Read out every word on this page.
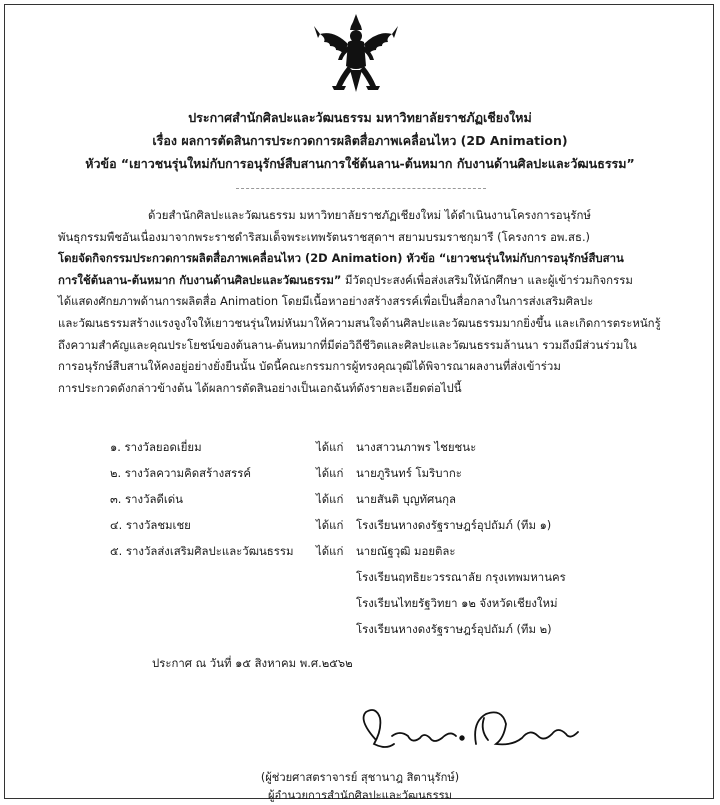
ประกาศสำนักศิลปะและวัฒนธรรม มหาวิทยาลัยราชภัฏเชียงใหม่
เรื่อง ผลการตัดสินการประกวดการผลิตสื่อภาพเคลื่อนไหว (2D Animation)
หัวข้อ “เยาวชนรุ่นใหม่กับการอนุรักษ์สืบสานการใช้ต้นลาน-ต้นหมาก กับงานด้านศิลปะและวัฒนธรรม”
ด้วยสำนักศิลปะและวัฒนธรรม มหาวิทยาลัยราชภัฏเชียงใหม่ ได้ดำเนินงานโครงการอนุรักษ์
พันธุกรรมพืชอันเนื่องมาจากพระราชดำริสมเด็จพระเทพรัตนราชสุดาฯ สยามบรมราชกุมารี (โครงการ อพ.สธ.)
โดยจัดกิจกรรมประกวดการผลิตสื่อภาพเคลื่อนไหว (2D Animation) หัวข้อ “เยาวชนรุ่นใหม่กับการอนุรักษ์สืบสาน
การใช้ต้นลาน-ต้นหมาก กับงานด้านศิลปะและวัฒนธรรม” มีวัตถุประสงค์เพื่อส่งเสริมให้นักศึกษา และผู้เข้าร่วมกิจกรรม
ได้แสดงศักยภาพด้านการผลิตสื่อ Animation โดยมีเนื้อหาอย่างสร้างสรรค์เพื่อเป็นสื่อกลางในการส่งเสริมศิลปะ
และวัฒนธรรมสร้างแรงจูงใจให้เยาวชนรุ่นใหม่หันมาให้ความสนใจด้านศิลปะและวัฒนธรรมมากยิ่งขึ้น และเกิดการตระหนักรู้
ถึงความสำคัญและคุณประโยชน์ของต้นลาน-ต้นหมากที่มีต่อวิถีชีวิตและศิลปะและวัฒนธรรมล้านนา รวมถึงมีส่วนร่วมใน
การอนุรักษ์สืบสานให้คงอยู่อย่างยั่งยืนนั้น บัดนี้คณะกรรมการผู้ทรงคุณวุฒิได้พิจารณาผลงานที่ส่งเข้าร่วม
การประกวดดังกล่าวข้างต้น ได้ผลการตัดสินอย่างเป็นเอกฉันท์ดังรายละเอียดต่อไปนี้
๑. รางวัลยอดเยี่ยม	ได้แก่ นางสาวนภาพร ไชยชนะ
๒. รางวัลความคิดสร้างสรรค์	ได้แก่ นายภูรินทร์ โมริบากะ
๓. รางวัลดีเด่น	ได้แก่ นายสันติ บุญทัศนกุล
๔. รางวัลชมเชย	ได้แก่ โรงเรียนหางดงรัฐราษฎร์อุปถัมภ์ (ทีม ๑)
๕. รางวัลส่งเสริมศิลปะและวัฒนธรรม ได้แก่ นายณัฐวุฒิ มอยติละ
โรงเรียนฤทธิยะวรรณาลัย กรุงเทพมหานคร
โรงเรียนไทยรัฐวิทยา ๑๒ จังหวัดเชียงใหม่
โรงเรียนหางดงรัฐราษฎร์อุปถัมภ์ (ทีม ๒)
ประกาศ ณ วันที่ ๑๕ สิงหาคม พ.ศ.๒๕๖๒
(ผู้ช่วยศาสตราจารย์ สุชานาฎ สิตานุรักษ์)
ผู้อำนวยการสำนักศิลปะและวัฒนธรรม
